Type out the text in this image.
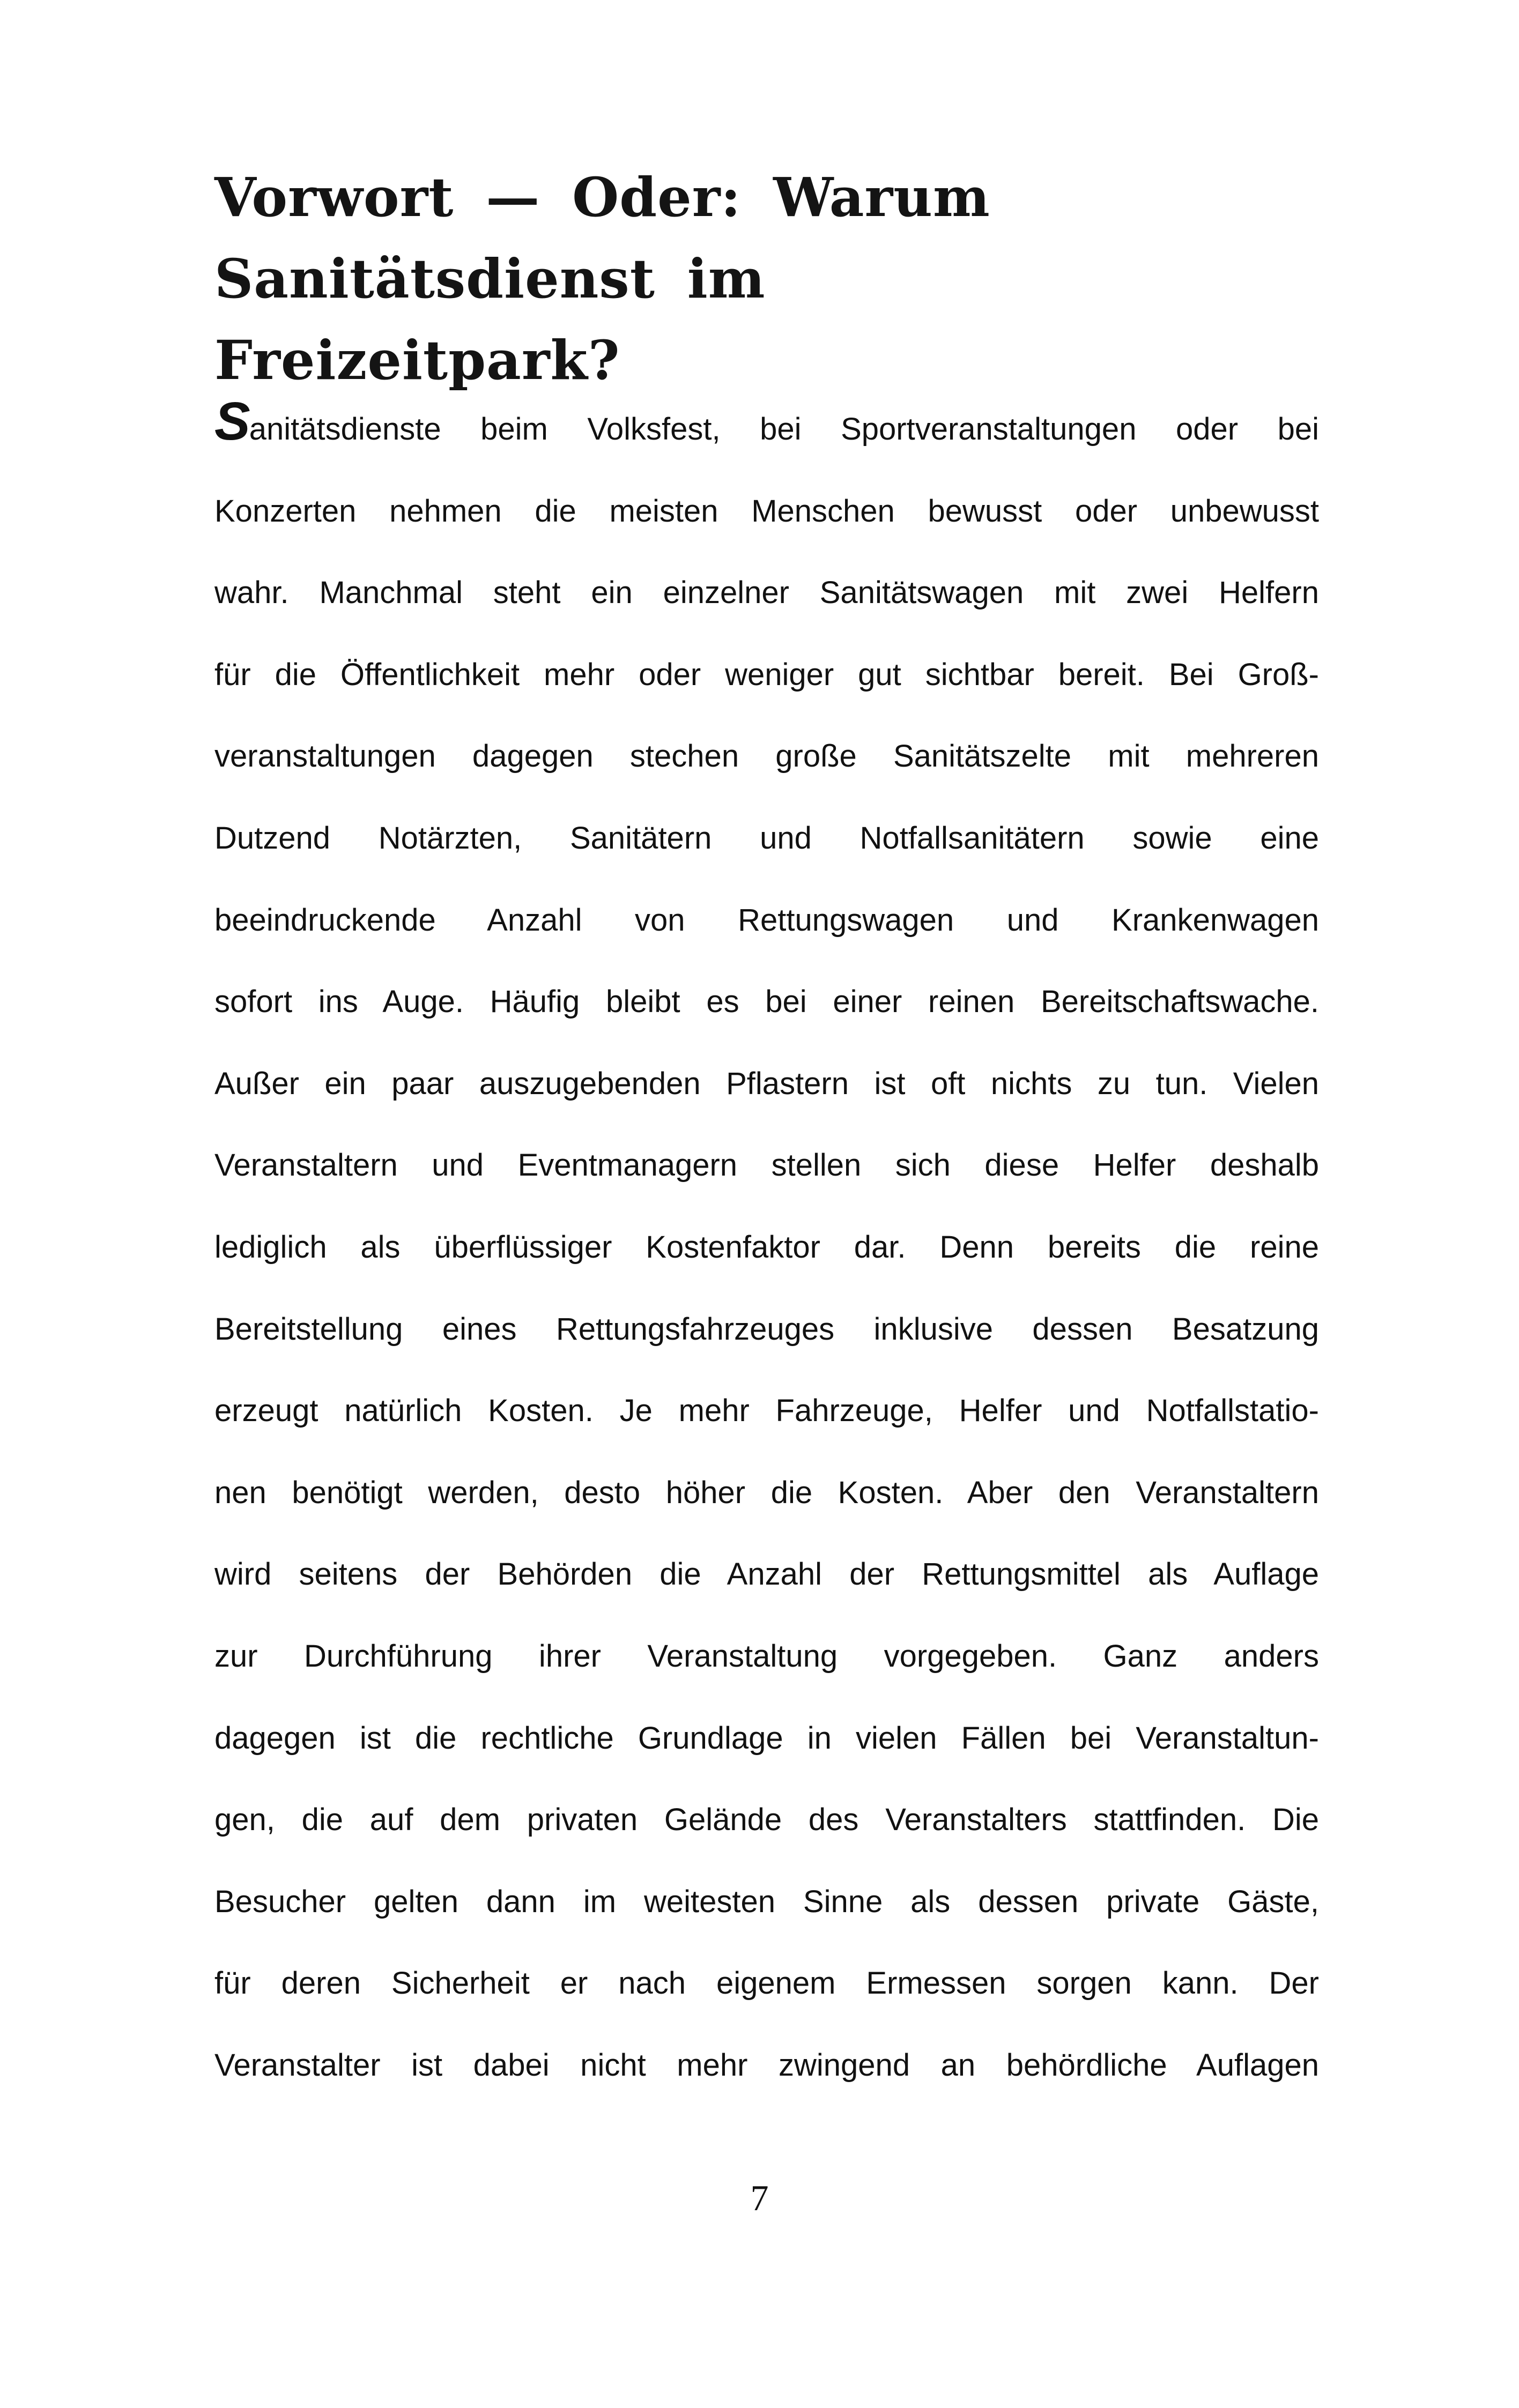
Vorwort — Oder: Warum Sanitätsdienst im
Freizeitpark?
Sanitätsdienste beim Volksfest, bei Sportveranstaltungen oder bei
Konzerten nehmen die meisten Menschen bewusst oder unbewusst
wahr. Manchmal steht ein einzelner Sanitätswagen mit zwei Helfern
für die Öffentlichkeit mehr oder weniger gut sichtbar bereit. Bei Groß-
veranstaltungen dagegen stechen große Sanitätszelte mit mehreren
Dutzend Notärzten, Sanitätern und Notfallsanitätern sowie eine
beeindruckende Anzahl von Rettungswagen und Krankenwagen
sofort ins Auge. Häufig bleibt es bei einer reinen Bereitschaftswache.
Außer ein paar auszugebenden Pflastern ist oft nichts zu tun. Vielen
Veranstaltern und Eventmanagern stellen sich diese Helfer deshalb
lediglich als überflüssiger Kostenfaktor dar. Denn bereits die reine
Bereitstellung eines Rettungsfahrzeuges inklusive dessen Besatzung
erzeugt natürlich Kosten. Je mehr Fahrzeuge, Helfer und Notfallstatio-
nen benötigt werden, desto höher die Kosten. Aber den Veranstaltern
wird seitens der Behörden die Anzahl der Rettungsmittel als Auflage
zur Durchführung ihrer Veranstaltung vorgegeben. Ganz anders
dagegen ist die rechtliche Grundlage in vielen Fällen bei Veranstaltun-
gen, die auf dem privaten Gelände des Veranstalters stattfinden. Die
Besucher gelten dann im weitesten Sinne als dessen private Gäste,
für deren Sicherheit er nach eigenem Ermessen sorgen kann. Der
Veranstalter ist dabei nicht mehr zwingend an behördliche Auflagen
7
